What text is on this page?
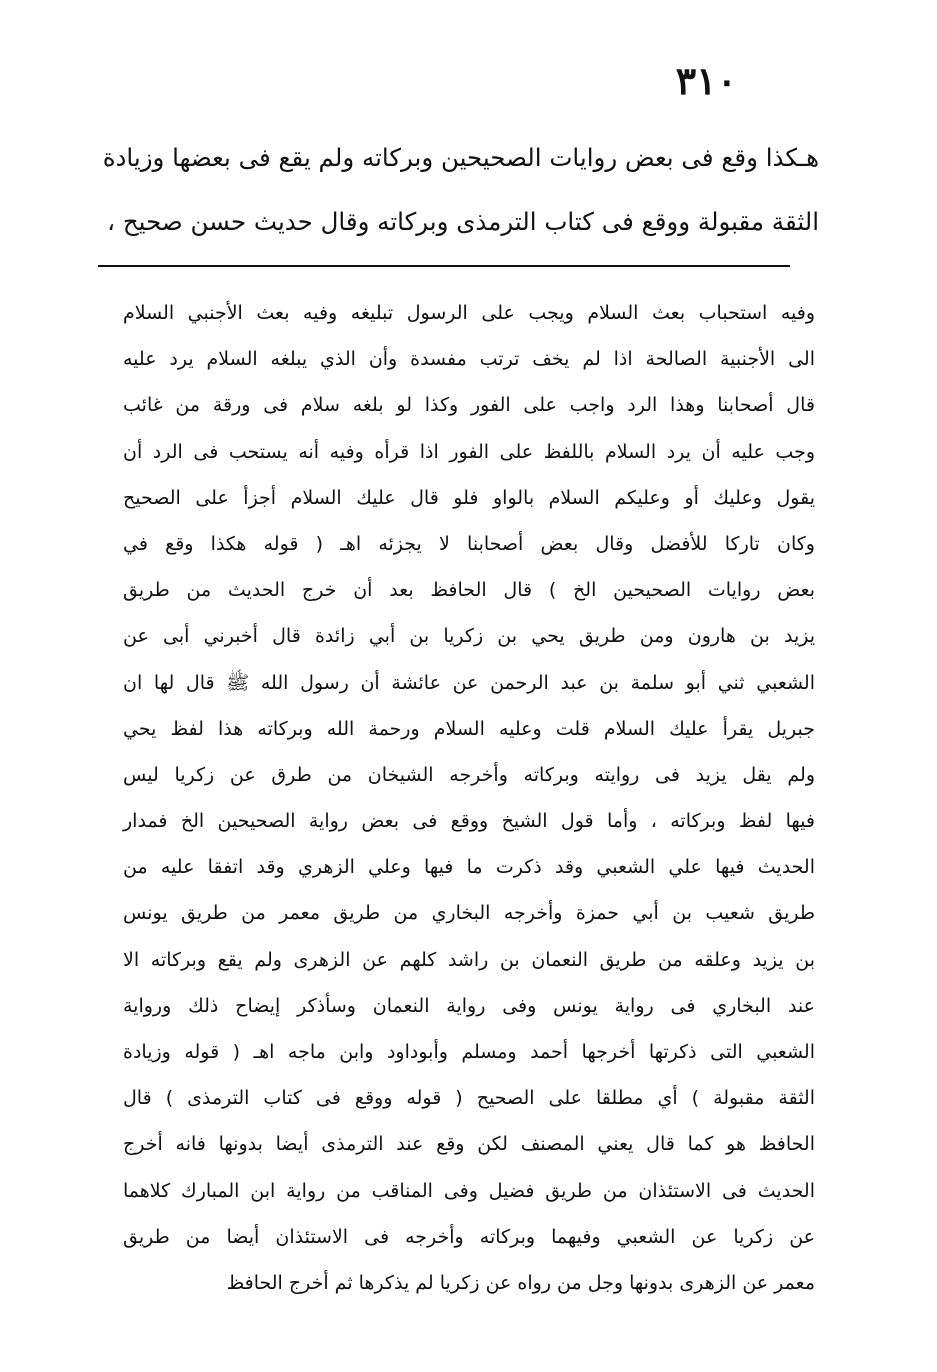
٣١٠
هـكذا وقع فى بعض روايات الصحيحين وبركاته ولم يقع فى بعضها وزيادة
الثقة مقبولة ووقع فى كتاب الترمذى وبركاته وقال حديث حسن صحيح ،
وفيه استحباب بعث السلام ويجب على الرسول تبليغه وفيه بعث الأجنبي السلام
الى الأجنبية الصالحة اذا لم يخف ترتب مفسدة وأن الذي يبلغه السلام يرد عليه
قال أصحابنا وهذا الرد واجب على الفور وكذا لو بلغه سلام فى ورقة من غائب
وجب عليه أن يرد السلام باللفظ على الفور اذا قرأه وفيه أنه يستحب فى الرد أن
يقول وعليك أو وعليكم السلام بالواو فلو قال عليك السلام أجزأ على الصحيح
وكان تاركا للأفضل وقال بعض أصحابنا لا يجزئه اهـ ( قوله هكذا وقع في
بعض روايات الصحيحين الخ ) قال الحافظ بعد أن خرج الحديث من طريق
يزيد بن هارون ومن طريق يحي بن زكريا بن أبي زائدة قال أخبرني أبى عن
الشعبي ثني أبو سلمة بن عبد الرحمن عن عائشة أن رسول الله ﷺ قال لها ان
جبريل يقرأ عليك السلام قلت وعليه السلام ورحمة الله وبركاته هذا لفظ يحي
ولم يقل يزيد فى روايته وبركاته وأخرجه الشيخان من طرق عن زكريا ليس
فيها لفظ وبركاته ، وأما قول الشيخ ووقع فى بعض رواية الصحيحين الخ فمدار
الحديث فيها علي الشعبي وقد ذكرت ما فيها وعلي الزهري وقد اتفقا عليه من
طريق شعيب بن أبي حمزة وأخرجه البخاري من طريق معمر من طريق يونس
بن يزيد وعلقه من طريق النعمان بن راشد كلهم عن الزهرى ولم يقع وبركاته الا
عند البخاري فى رواية يونس وفى رواية النعمان وسأذكر إيضاح ذلك ورواية
الشعبي التى ذكرتها أخرجها أحمد ومسلم وأبوداود وابن ماجه اهـ ( قوله وزيادة
الثقة مقبولة ) أي مطلقا على الصحيح ( قوله ووقع فى كتاب الترمذى ) قال
الحافظ هو كما قال يعني المصنف لكن وقع عند الترمذى أيضا بدونها فانه أخرج
الحديث فى الاستئذان من طريق فضيل وفى المناقب من رواية ابن المبارك كلاهما
عن زكريا عن الشعبي وفيهما وبركاته وأخرجه فى الاستئذان أيضا من طريق
معمر عن الزهرى بدونها وجل من رواه عن زكريا لم يذكرها ثم أخرج الحافظ
